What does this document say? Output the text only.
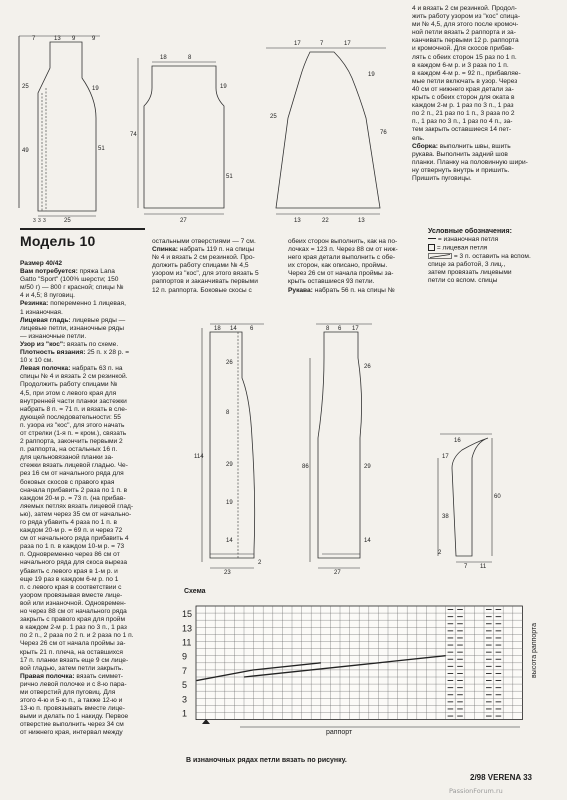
4 и вязать 2 см резинкой. Продол-
жить работу узором из "кос" спица-
ми № 4,5, для этого после кромоч-
ной петли вязать 2 раппорта и за-
канчивать первыми 12 р. раппорта
и кромочной. Для скосов прибав-
лять с обеих сторон 15 раз по 1 п.
в каждом 6-м р. и 3 раза по 1 п.
в каждом 4-м р. = 92 п., прибавляе-
мые петли включать в узор. Через
40 см от нижнего края детали за-
крыть с обеих сторон для оката в
каждом 2-м р. 1 раз по 3 п., 1 раз
по 2 п., 21 раз по 1 п., 3 раза по 2
п., 1 раз по 3 п., 1 раз по 4 п., за-
тем закрыть оставшиеся 14 пет-
ель.
Сборка: выполнить швы, вшить
рукава. Выполнить задний шов
планки. Планку на половинную шири-
ну отвернуть внутрь и пришить.
Пришить пуговицы.
7	13 9	9
25	19
49	51
3 3 3	25
18	8
19
74
51
27
17	7	17
19
25
76
13	22	13
Модель 10
Размер 40/42
Вам потребуется: пряжа Lana
Gatto "Sport" (100% шерсти; 150
м/50 г) — 800 г красной; спицы №
4 и 4,5; 8 пуговиц.
Резинка: попеременно 1 лицевая,
1 изнаночная.
Лицевая гладь: лицевые ряды —
лицевые петли, изнаночные ряды
— изнаночные петли.
Узор из "кос": вязать по схеме.
Плотность вязания: 25 п. х 28 р. =
10 х 10 см.
Левая полочка: набрать 63 п. на
спицы № 4 и вязать 2 см резинкой.
Продолжить работу спицами №
4,5, при этом с левого края для
внутренней части планки застежки
набрать 8 п. = 71 п. и вязать в сле-
дующей последовательности: 55
п. узора из "кос", для этого начать
от стрелки (1-я п. = кром.), связать
2 раппорта, закончить первыми 2
п. раппорта, на остальных 16 п.
для цельновязаной планки за-
стежки вязать лицевой гладью. Че-
рез 16 см от начального ряда для
боковых скосов с правого края
сначала прибавить 2 раза по 1 п. в
каждом 20-м р. = 73 п. (на прибав-
ляемых петлях вязать лицевой глад-
ью), затем через 35 см от начально-
го ряда убавить 4 раза по 1 п. в
каждом 20-м р. = 69 п. и через 72
см от начального ряда прибавить 4
раза по 1 п. в каждом 10-м р. = 73
п. Одновременно через 86 см от
начального ряда для скоса выреза
убавить с левого края в 1-м р. и
еще 19 раз в каждом 6-м р. по 1
п. с левого края в соответствии с
узором провязывая вместе лице-
вой или изнаночной. Одновремен-
но через 88 см от начального ряда
закрыть с правого края для пройм
в каждом 2-м р. 1 раз по 3 п., 1 раз
по 2 п., 2 раза по 2 п. и 2 раза по 1 п.
Через 26 см от начала проймы за-
крыть 21 п. плеча, на оставшихся
17 п. планки вязать еще 9 см лице-
вой гладью, затем петли закрыть.
Правая полочка: вязать симмет-
рично левой полочке и с 8-ю пара-
ми отверстий для пуговиц. Для
этого 4-ю и 5-ю п., а также 12-ю и
13-ю п. провязывать вместе лице-
выми и делать по 1 накиду. Первое
отверстие выполнить через 34 см
от нижнего края, интервал между
остальными отверстиями — 7 см.
Спинка: набрать 119 п. на спицы
№ 4 и вязать 2 см резинкой. Про-
должить работу спицами № 4,5
узором из "кос", для этого вязать 5
раппортов и заканчивать первыми
12 п. раппорта. Боковые скосы с
обеих сторон выполнить, как на по-
лочках = 123 п. Через 88 см от ниж-
него края детали выполнить с обе-
их сторон, как описано, проймы.
Через 26 см от начала проймы за-
крыть оставшиеся 93 петли.
Рукава: набрать 56 п. на спицы №
Условные обозначения:
= изнаночная петля
= лицевая петля
= 3 п. оставить на вспом.
спице за работой, 3 лиц.,
затем провязать лицевыми
петли со вспом. спицы
18 14 6
26
114
8
29
19
14
23
2
8 6 17
26
86	29
14
27
16
17
60
38
2
7 11
Схема
15
13
11
9
7
5
3
1
раппорт
высота раппорта
В изнаночных рядах петли вязать по рисунку.
2/98 VERENA 33
PassionForum.ru
